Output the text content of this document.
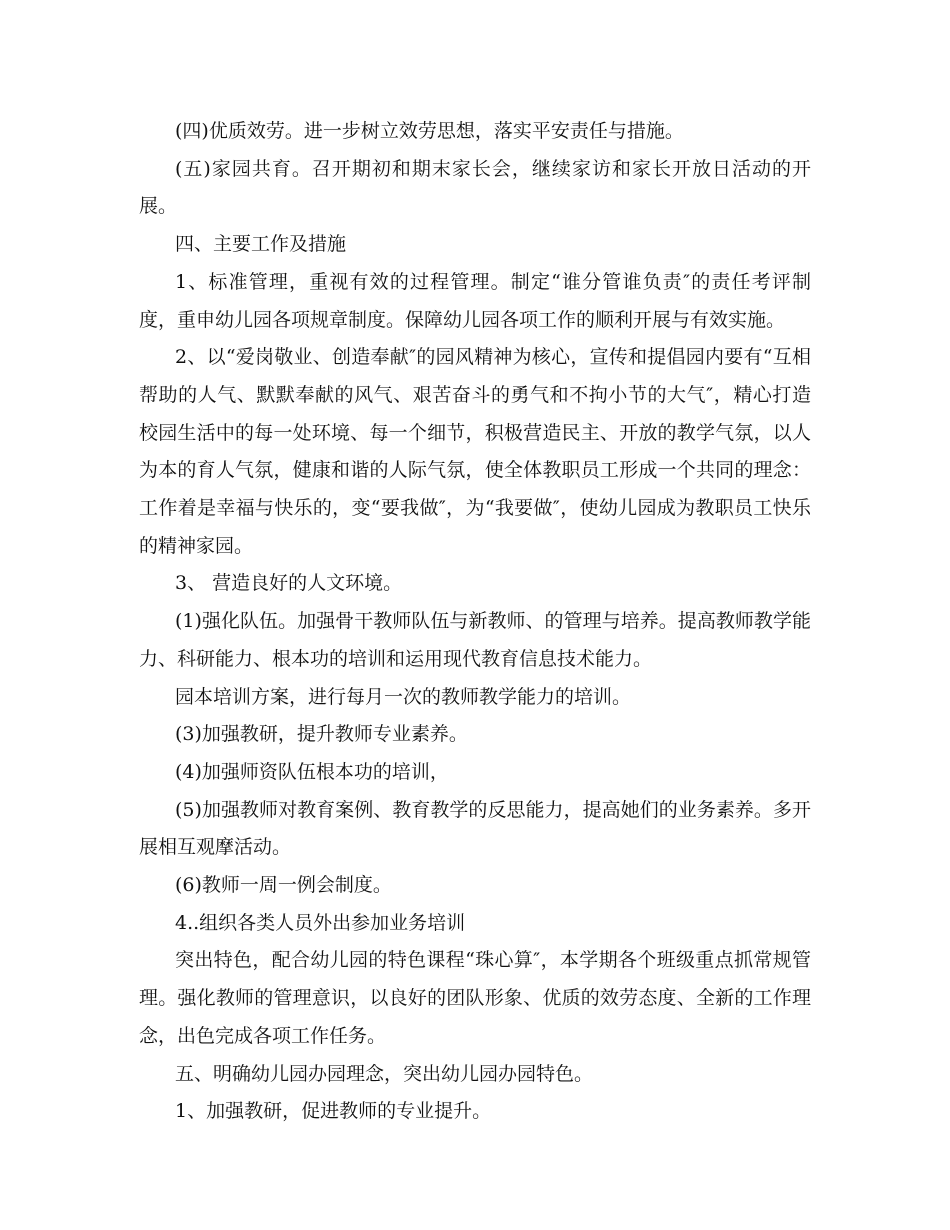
(四)优质效劳。进一步树立效劳思想，落实平安责任与措施。

(五)家园共育。召开期初和期末家长会，继续家访和家长开放日活动的开展。

四、主要工作及措施

1、标准管理，重视有效的过程管理。制定“谁分管谁负责″的责任考评制度，重申幼儿园各项规章制度。保障幼儿园各项工作的顺利开展与有效实施。

2、以“爱岗敬业、创造奉献″的园风精神为核心，宣传和提倡园内要有“互相帮助的人气、默默奉献的风气、艰苦奋斗的勇气和不拘小节的大气″，精心打造校园生活中的每一处环境、每一个细节，积极营造民主、开放的教学气氛，以人为本的育人气氛，健康和谐的人际气氛，使全体教职员工形成一个共同的理念：工作着是幸福与快乐的，变“要我做″，为“我要做″，使幼儿园成为教职员工快乐的精神家园。

3、 营造良好的人文环境。

(1)强化队伍。加强骨干教师队伍与新教师、的管理与培养。提高教师教学能力、科研能力、根本功的培训和运用现代教育信息技术能力。

园本培训方案，进行每月一次的教师教学能力的培训。

(3)加强教研，提升教师专业素养。

(4)加强师资队伍根本功的培训，

(5)加强教师对教育案例、教育教学的反思能力，提高她们的业务素养。多开展相互观摩活动。

(6)教师一周一例会制度。

4..组织各类人员外出参加业务培训

突出特色，配合幼儿园的特色课程“珠心算″，本学期各个班级重点抓常规管理。强化教师的管理意识，以良好的团队形象、优质的效劳态度、全新的工作理念，出色完成各项工作任务。

五、明确幼儿园办园理念，突出幼儿园办园特色。

1、加强教研，促进教师的专业提升。
